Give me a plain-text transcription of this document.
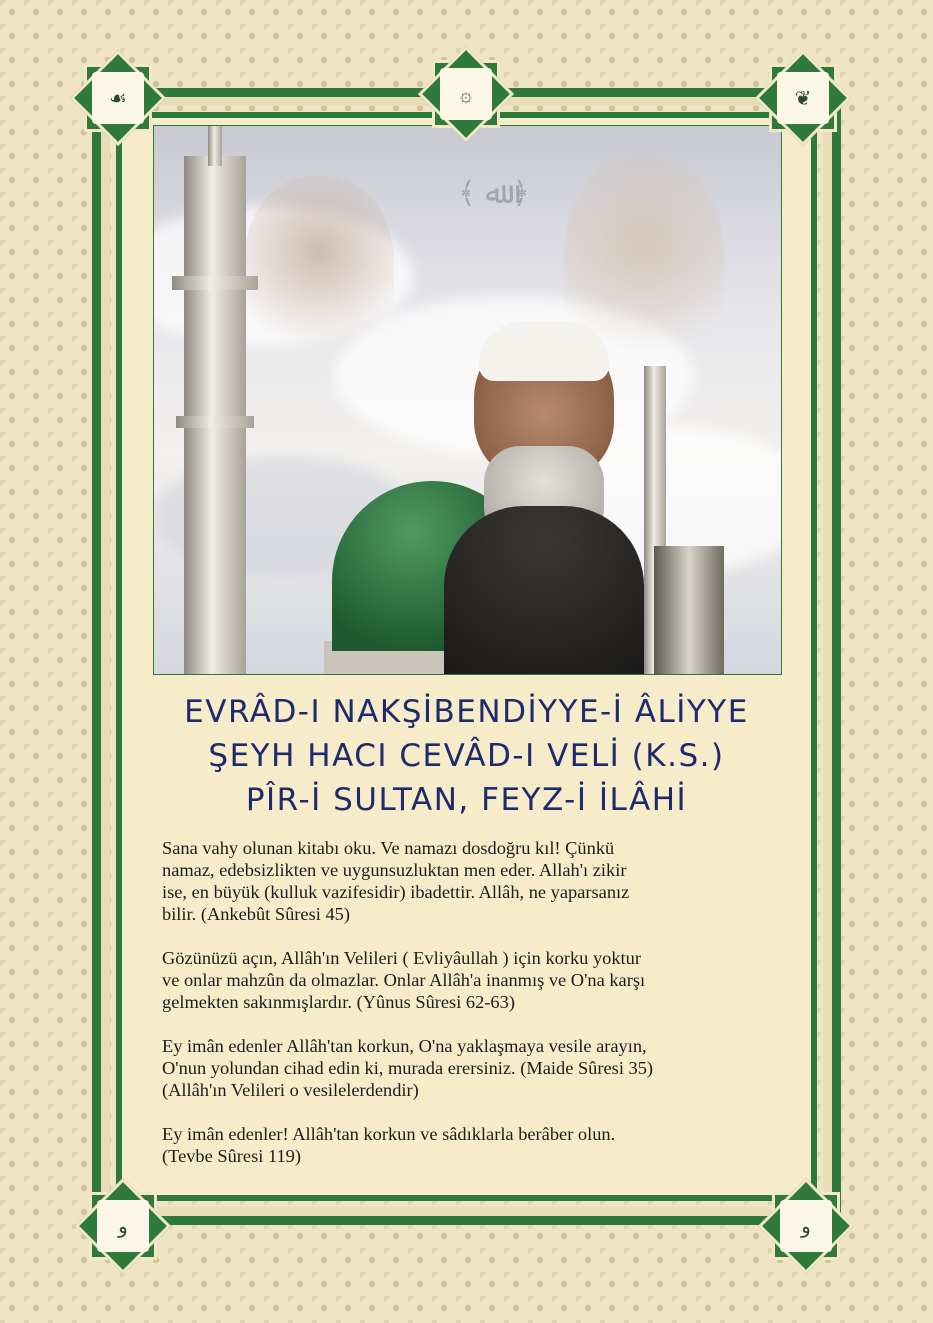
﴾ ﷲ ﴿
☙	۞	❦
و	و
EVRÂD-I NAKŞİBENDİYYE-İ ÂLİYYE
ŞEYH HACI CEVÂD-I VELİ (K.S.)
PÎR-İ SULTAN, FEYZ-İ İLÂHİ
Sana vahy olunan kitabı oku. Ve namazı dosdoğru kıl! Çünkü
namaz, edebsizlikten ve uygunsuzluktan men eder. Allah'ı zikir
ise, en büyük (kulluk vazifesidir) ibadettir. Allâh, ne yaparsanız
bilir. (Ankebût Sûresi 45)
Gözünüzü açın, Allâh'ın Velileri ( Evliyâullah ) için korku yoktur
ve onlar mahzûn da olmazlar. Onlar Allâh'a inanmış ve O'na karşı
gelmekten sakınmışlardır. (Yûnus Sûresi 62-63)
Ey imân edenler Allâh'tan korkun, O'na yaklaşmaya vesile arayın,
O'nun yolundan cihad edin ki, murada erersiniz. (Maide Sûresi 35)
(Allâh'ın Velileri o vesilelerdendir)
Ey imân edenler! Allâh'tan korkun ve sâdıklarla berâber olun.
(Tevbe Sûresi 119)
